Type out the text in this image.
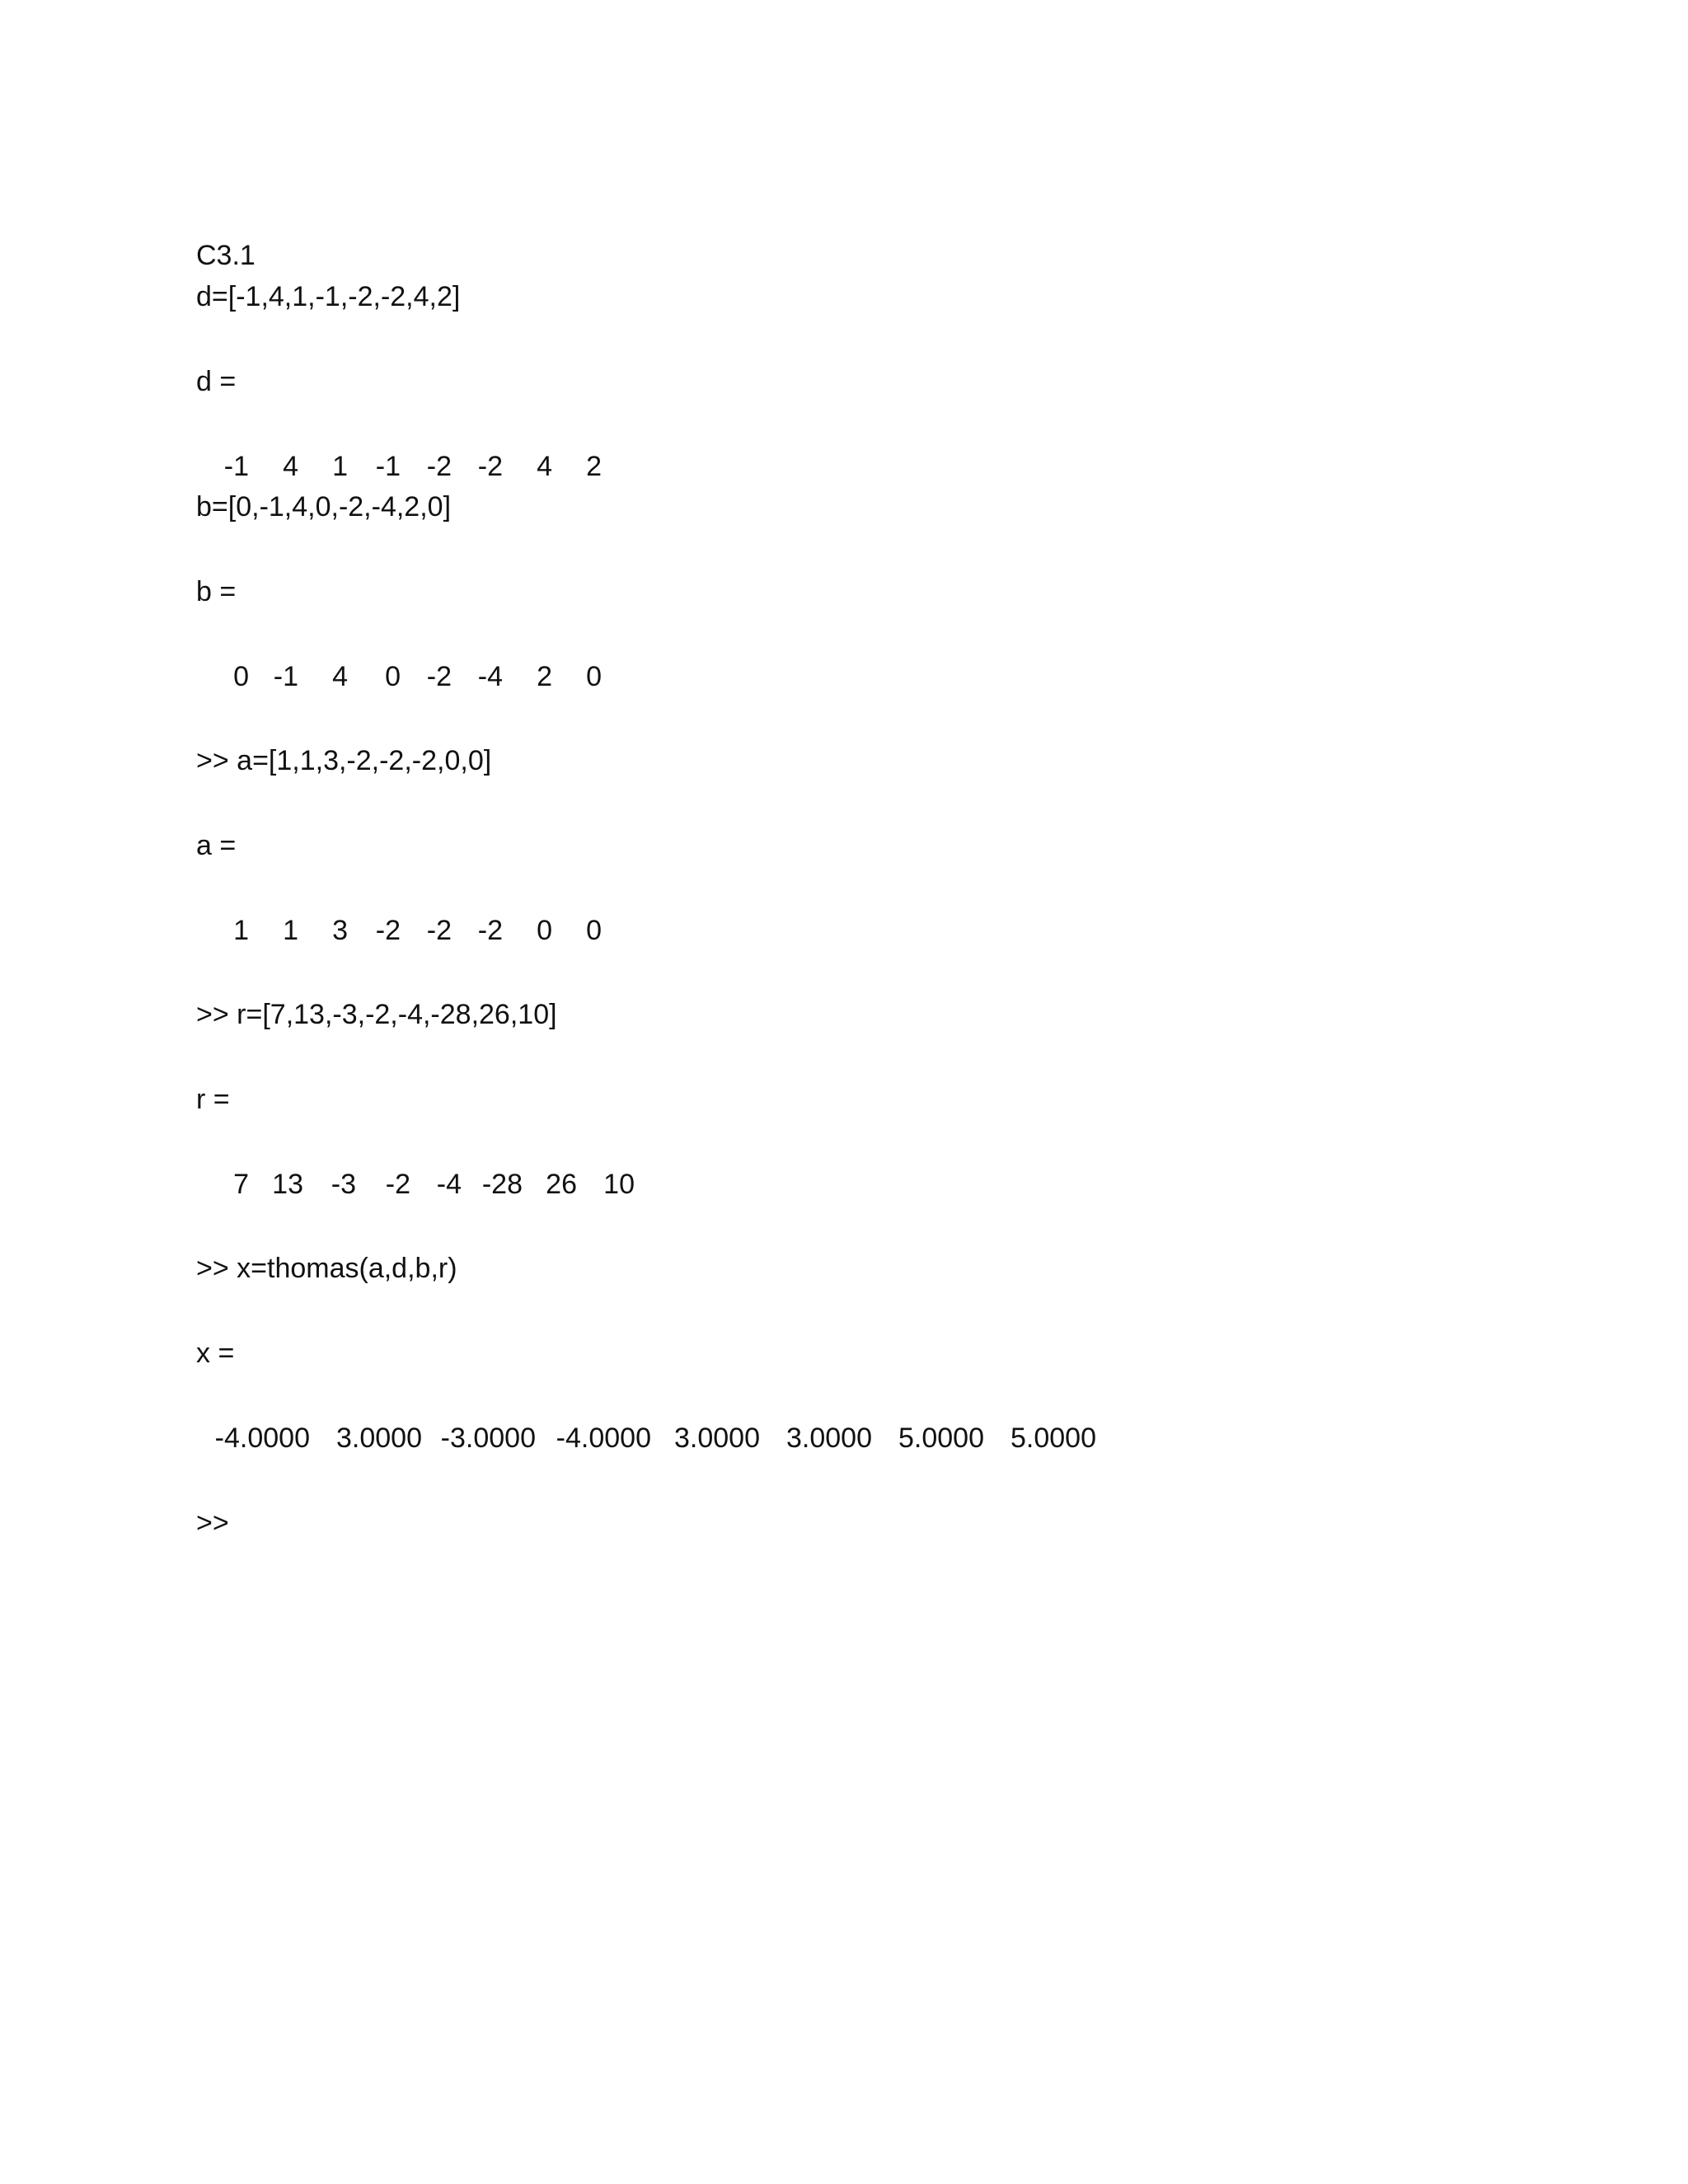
C3.1
d=[-1,4,1,-1,-2,-2,4,2]
d =
-1 4 1 -1 -2 -2 4 2
b=[0,-1,4,0,-2,-4,2,0]
b =
0 -1 4 0 -2 -4 2 0
>> a=[1,1,3,-2,-2,-2,0,0]
a =
1 1 3 -2 -2 -2 0 0
>> r=[7,13,-3,-2,-4,-28,26,10]
r =
7 13 -3 -2 -4 -28 26 10
>> x=thomas(a,d,b,r)
x =
-4.0000 3.0000 -3.0000 -4.0000 3.0000 3.0000 5.0000 5.0000
>>
